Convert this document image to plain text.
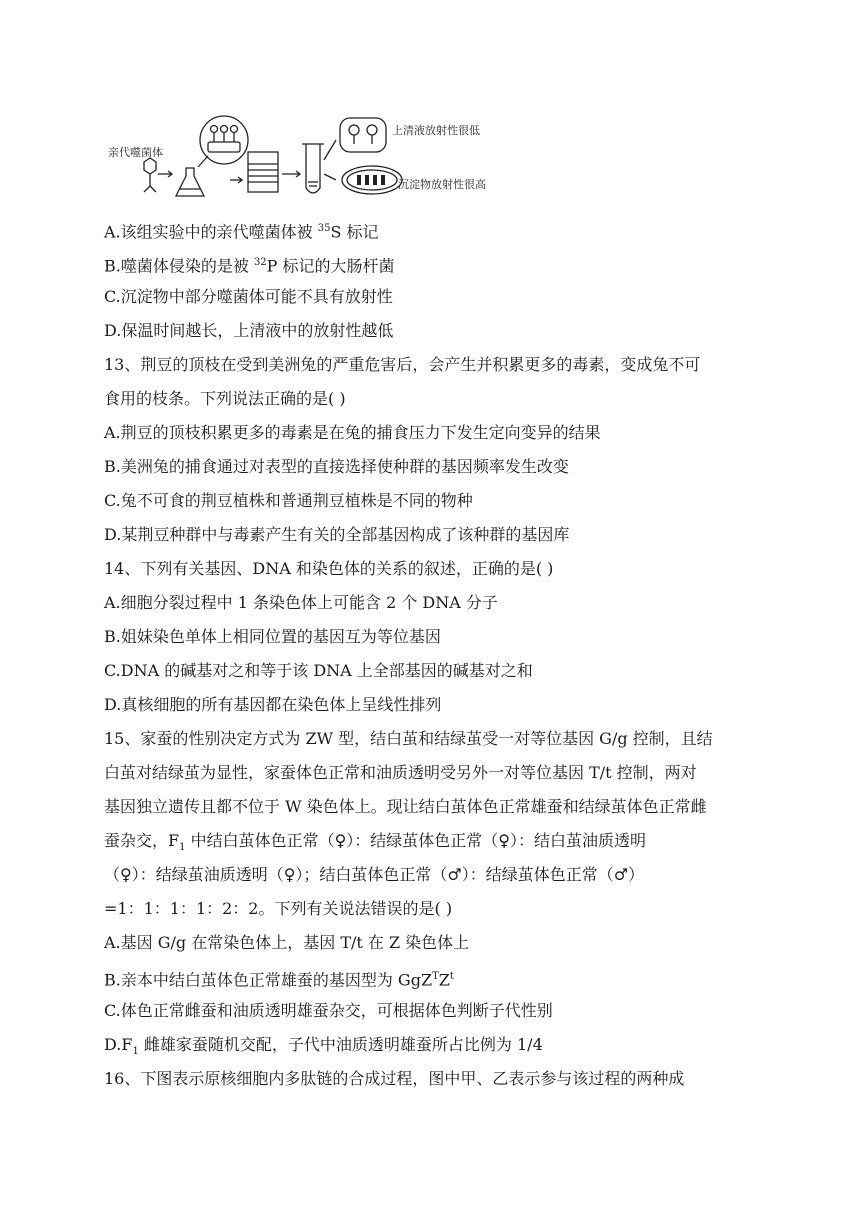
亲代噬菌体
上清液放射性很低
沉淀物放射性很高
A.该组实验中的亲代噬菌体被 $^{35}$S 标记
B.噬菌体侵染的是被 $^{32}$P 标记的大肠杆菌
C.沉淀物中部分噬菌体可能不具有放射性
D.保温时间越长，上清液中的放射性越低
13、荆豆的顶枝在受到美洲兔的严重危害后，会产生并积累更多的毒素，变成兔不可
食用的枝条。下列说法正确的是( )
A.荆豆的顶枝积累更多的毒素是在兔的捕食压力下发生定向变异的结果
B.美洲兔的捕食通过对表型的直接选择使种群的基因频率发生改变
C.兔不可食的荆豆植株和普通荆豆植株是不同的物种
D.某荆豆种群中与毒素产生有关的全部基因构成了该种群的基因库
14、下列有关基因、DNA 和染色体的关系的叙述，正确的是( )
A.细胞分裂过程中 1 条染色体上可能含 2 个 DNA 分子
B.姐妹染色单体上相同位置的基因互为等位基因
C.DNA 的碱基对之和等于该 DNA 上全部基因的碱基对之和
D.真核细胞的所有基因都在染色体上呈线性排列
15、家蚕的性别决定方式为 ZW 型，结白茧和结绿茧受一对等位基因 G/g 控制，且结
白茧对结绿茧为显性，家蚕体色正常和油质透明受另外一对等位基因 T/t 控制，两对
基因独立遗传且都不位于 W 染色体上。现让结白茧体色正常雄蚕和结绿茧体色正常雌
蚕杂交，$F_1$ 中结白茧体色正常（♀）：结绿茧体色正常（♀）：结白茧油质透明
（♀）：结绿茧油质透明（♀）；结白茧体色正常（♂）：结绿茧体色正常（♂）
=1：1：1：1：2：2。下列有关说法错误的是( )
A.基因 G/g 在常染色体上，基因 T/t 在 Z 染色体上
B.亲本中结白茧体色正常雄蚕的基因型为 $GgZ^TZ^t$
C.体色正常雌蚕和油质透明雄蚕杂交，可根据体色判断子代性别
$D.F_1$ 雌雄家蚕随机交配，子代中油质透明雄蚕所占比例为 1/4
16、下图表示原核细胞内多肽链的合成过程，图中甲、乙表示参与该过程的两种成
